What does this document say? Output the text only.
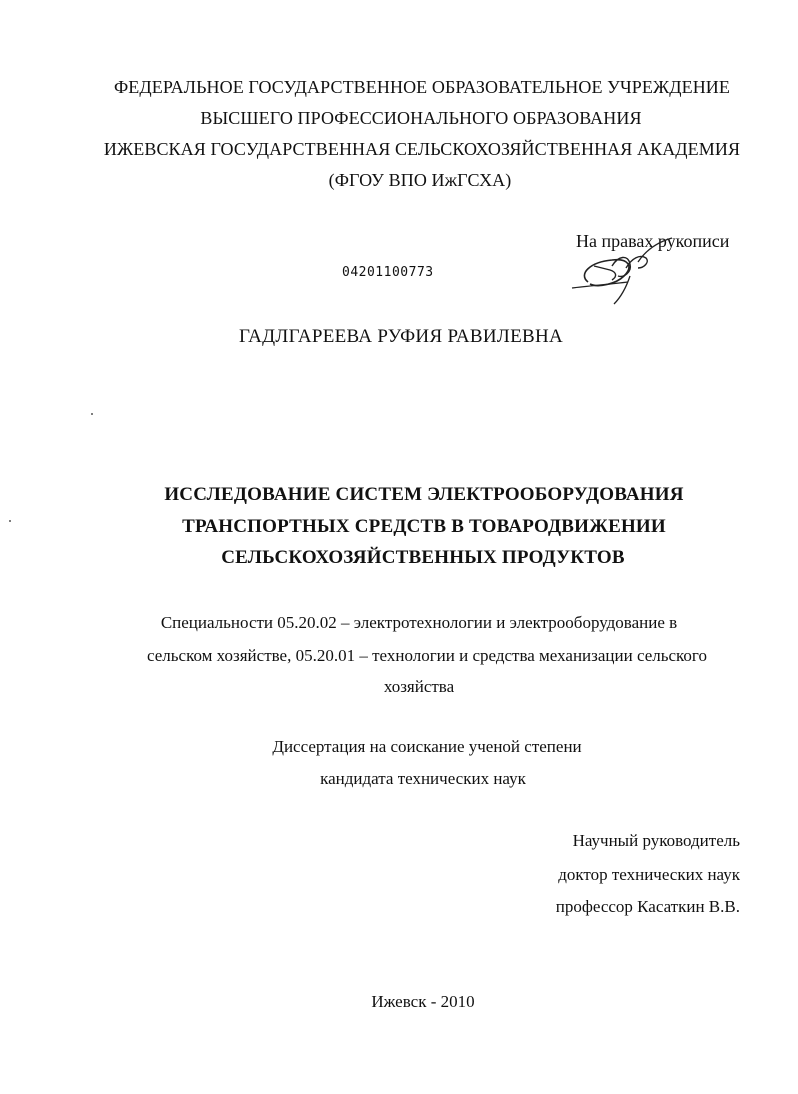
ФЕДЕРАЛЬНОЕ ГОСУДАРСТВЕННОЕ ОБРАЗОВАТЕЛЬНОЕ УЧРЕЖДЕНИЕ
ВЫСШЕГО ПРОФЕССИОНАЛЬНОГО ОБРАЗОВАНИЯ
ИЖЕВСКАЯ ГОСУДАРСТВЕННАЯ СЕЛЬСКОХОЗЯЙСТВЕННАЯ АКАДЕМИЯ
(ФГОУ ВПО ИжГСХА)
На правах рукописи
04201100773
ГАДЛГАРЕЕВА РУФИЯ РАВИЛЕВНА
ИССЛЕДОВАНИЕ СИСТЕМ ЭЛЕКТРООБОРУДОВАНИЯ
ТРАНСПОРТНЫХ СРЕДСТВ В ТОВАРОДВИЖЕНИИ
СЕЛЬСКОХОЗЯЙСТВЕННЫХ ПРОДУКТОВ
Специальности 05.20.02 – электротехнологии и электрооборудование в
сельском хозяйстве, 05.20.01 – технологии и средства механизации сельского
хозяйства
Диссертация на соискание ученой степени
кандидата технических наук
Научный руководитель
доктор технических наук
профессор Касаткин В.В.
Ижевск - 2010
